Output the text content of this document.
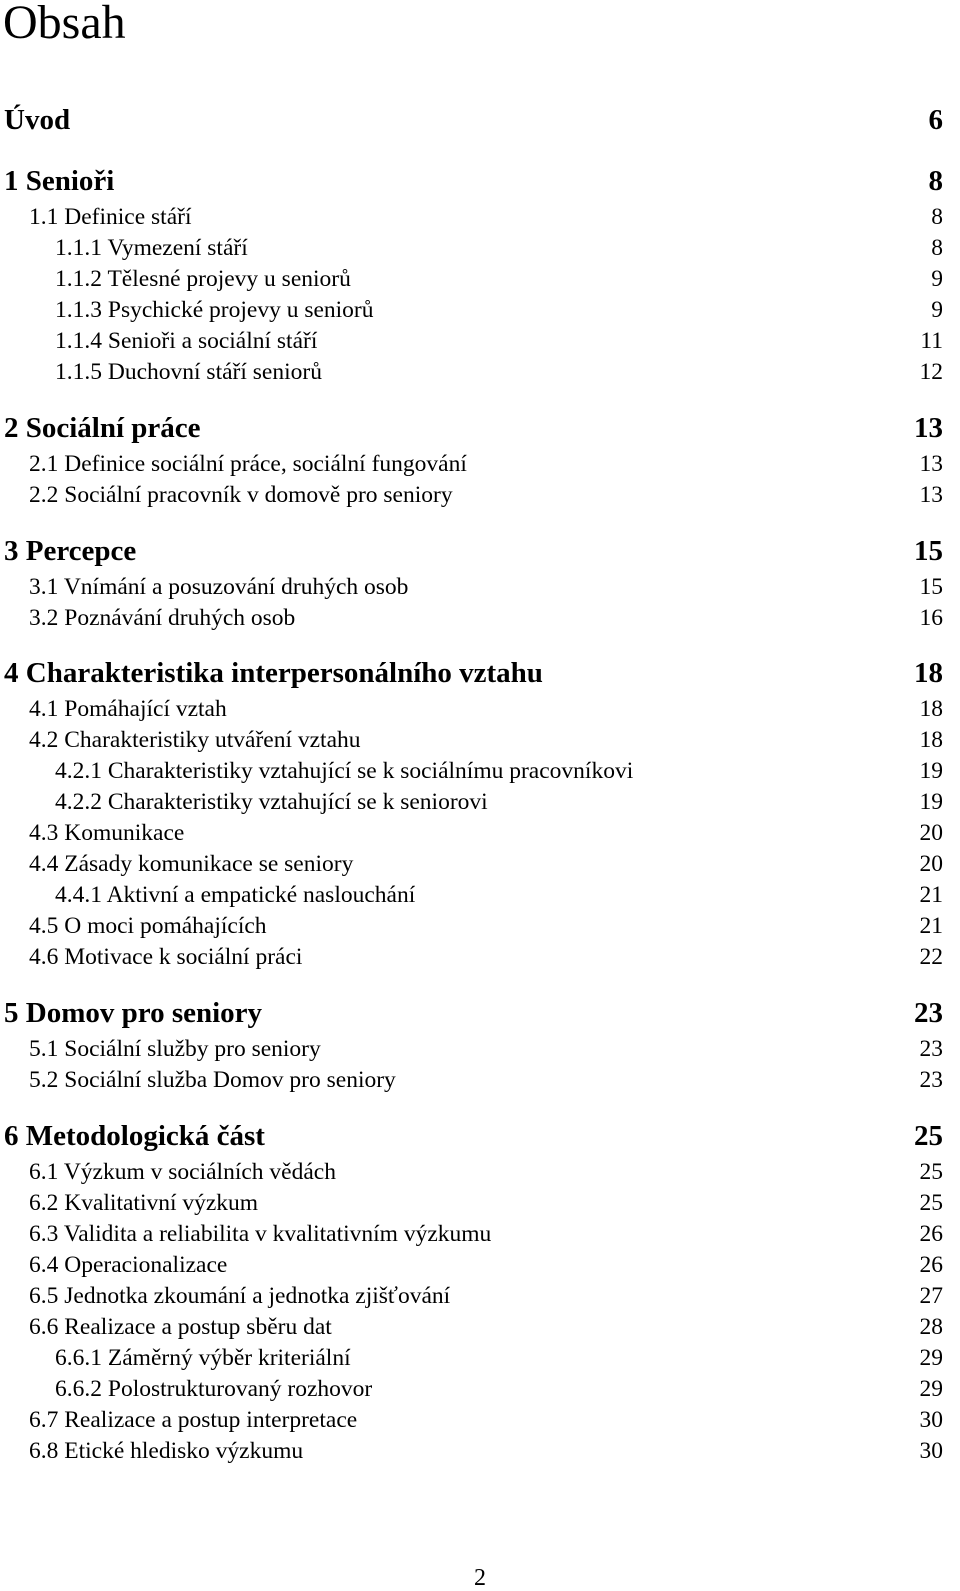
Obsah
Úvod	6
1 Senioři	8
1.1 Definice stáří	8
1.1.1 Vymezení stáří	8
1.1.2 Tělesné projevy u seniorů	9
1.1.3 Psychické projevy u seniorů	9
1.1.4 Senioři a sociální stáří	11
1.1.5 Duchovní stáří seniorů	12
2 Sociální práce	13
2.1 Definice sociální práce, sociální fungování	13
2.2 Sociální pracovník v domově pro seniory	13
3 Percepce	15
3.1 Vnímání a posuzování druhých osob	15
3.2 Poznávání druhých osob	16
4 Charakteristika interpersonálního vztahu	18
4.1 Pomáhající vztah	18
4.2 Charakteristiky utváření vztahu	18
4.2.1 Charakteristiky vztahující se k sociálnímu pracovníkovi	19
4.2.2 Charakteristiky vztahující se k seniorovi	19
4.3 Komunikace	20
4.4 Zásady komunikace se seniory	20
4.4.1 Aktivní a empatické naslouchání	21
4.5 O moci pomáhajících	21
4.6 Motivace k sociální práci	22
5 Domov pro seniory	23
5.1 Sociální služby pro seniory	23
5.2 Sociální služba Domov pro seniory	23
6 Metodologická část	25
6.1 Výzkum v sociálních vědách	25
6.2 Kvalitativní výzkum	25
6.3 Validita a reliabilita v kvalitativním výzkumu	26
6.4 Operacionalizace	26
6.5 Jednotka zkoumání a jednotka zjišťování	27
6.6 Realizace a postup sběru dat	28
6.6.1 Záměrný výběr kriteriální	29
6.6.2 Polostrukturovaný rozhovor	29
6.7 Realizace a postup interpretace	30
6.8 Etické hledisko výzkumu	30
2
